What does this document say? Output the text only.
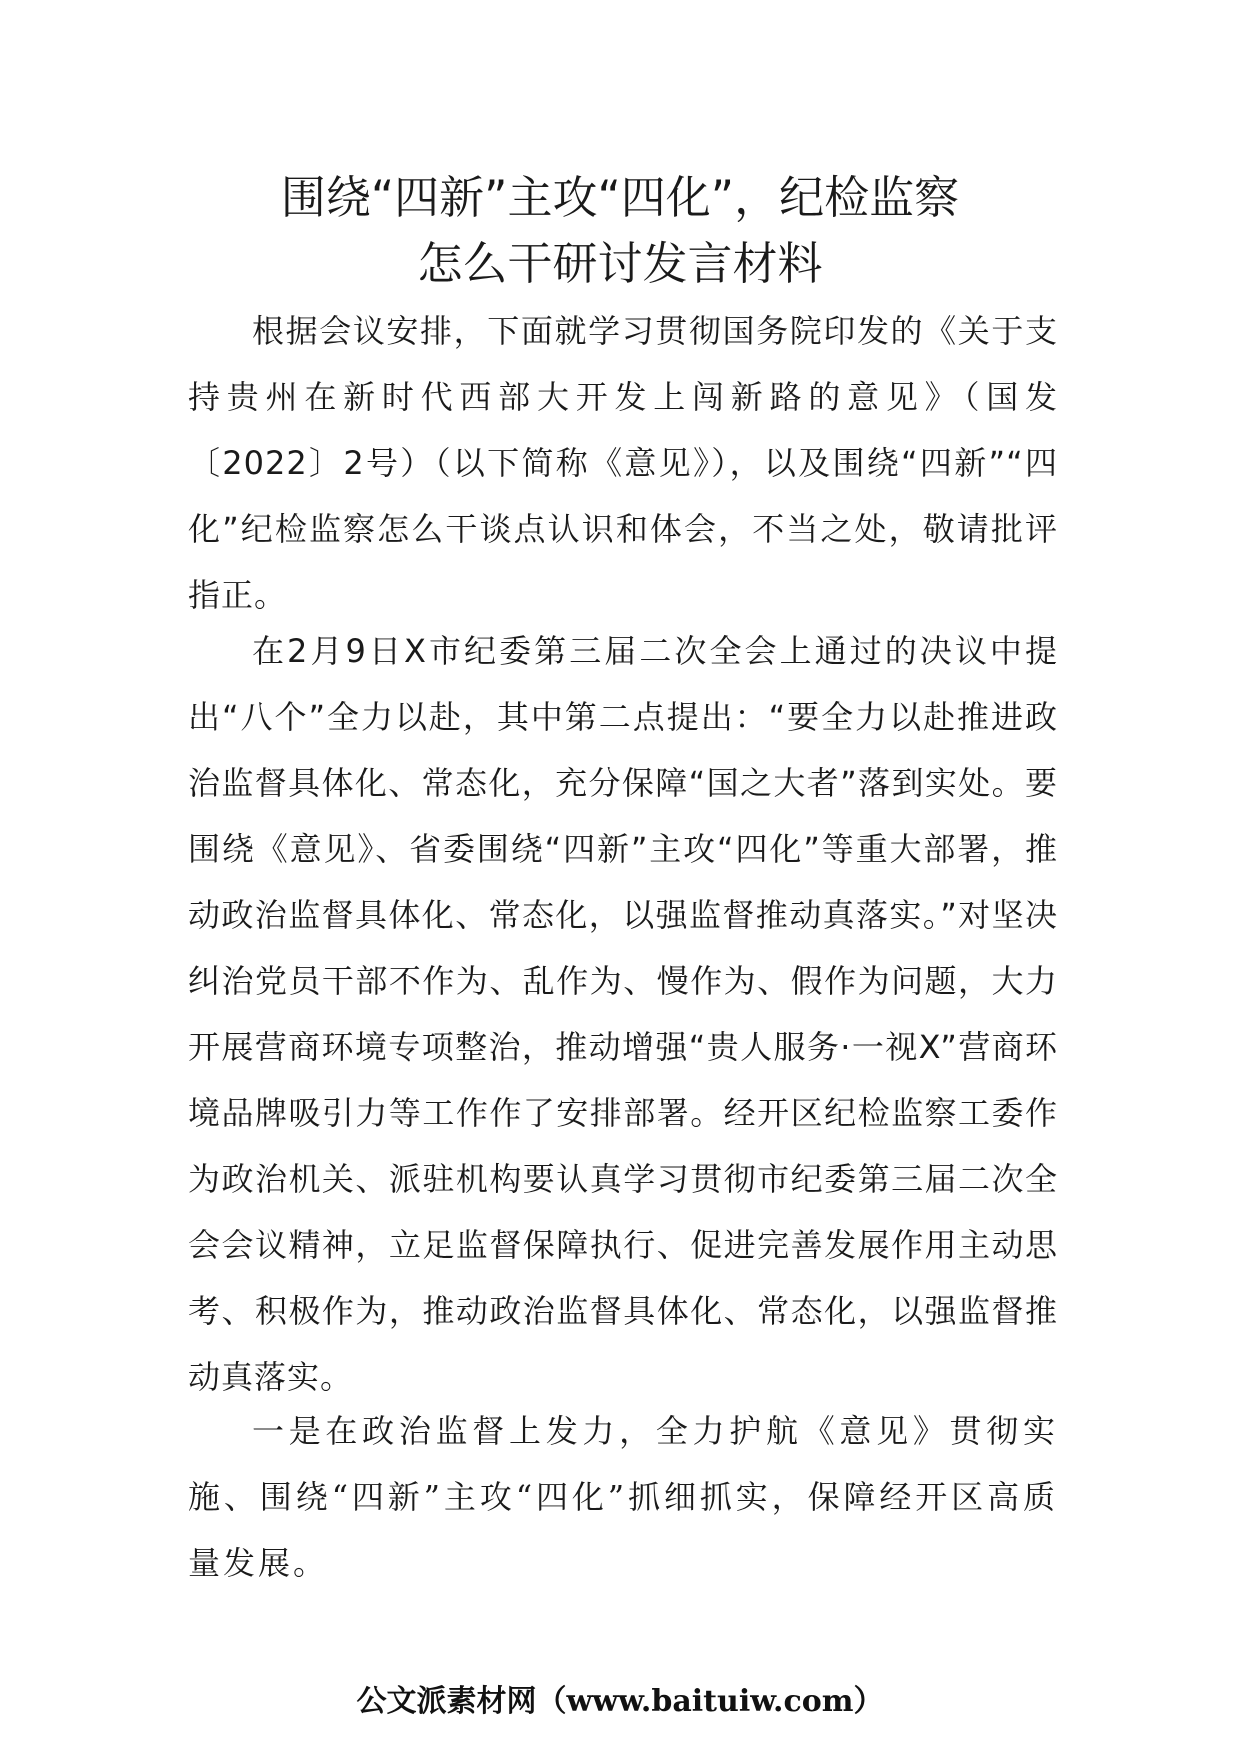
围绕“四新”主攻“四化”，纪检监察
怎么干研讨发言材料

根据会议安排，下面就学习贯彻国务院印发的《关于支持贵州在新时代西部大开发上闯新路的意见》（国发〔2022〕2号）（以下简称《意见》），以及围绕“四新”“四化”纪检监察怎么干谈点认识和体会，不当之处，敬请批评指正。

在2月9日X市纪委第三届二次全会上通过的决议中提出“八个”全力以赴，其中第二点提出：“要全力以赴推进政治监督具体化、常态化，充分保障“国之大者”落到实处。要围绕《意见》、省委围绕“四新”主攻“四化”等重大部署，推动政治监督具体化、常态化，以强监督推动真落实。”对坚决纠治党员干部不作为、乱作为、慢作为、假作为问题，大力开展营商环境专项整治，推动增强“贵人服务·一视X”营商环境品牌吸引力等工作作了安排部署。经开区纪检监察工委作为政治机关、派驻机构要认真学习贯彻市纪委第三届二次全会会议精神，立足监督保障执行、促进完善发展作用主动思考、积极作为，推动政治监督具体化、常态化，以强监督推动真落实。

一是在政治监督上发力，全力护航《意见》贯彻实施、围绕“四新”主攻“四化”抓细抓实，保障经开区高质量发展。

公文派素材网（www.baituiw.com）
